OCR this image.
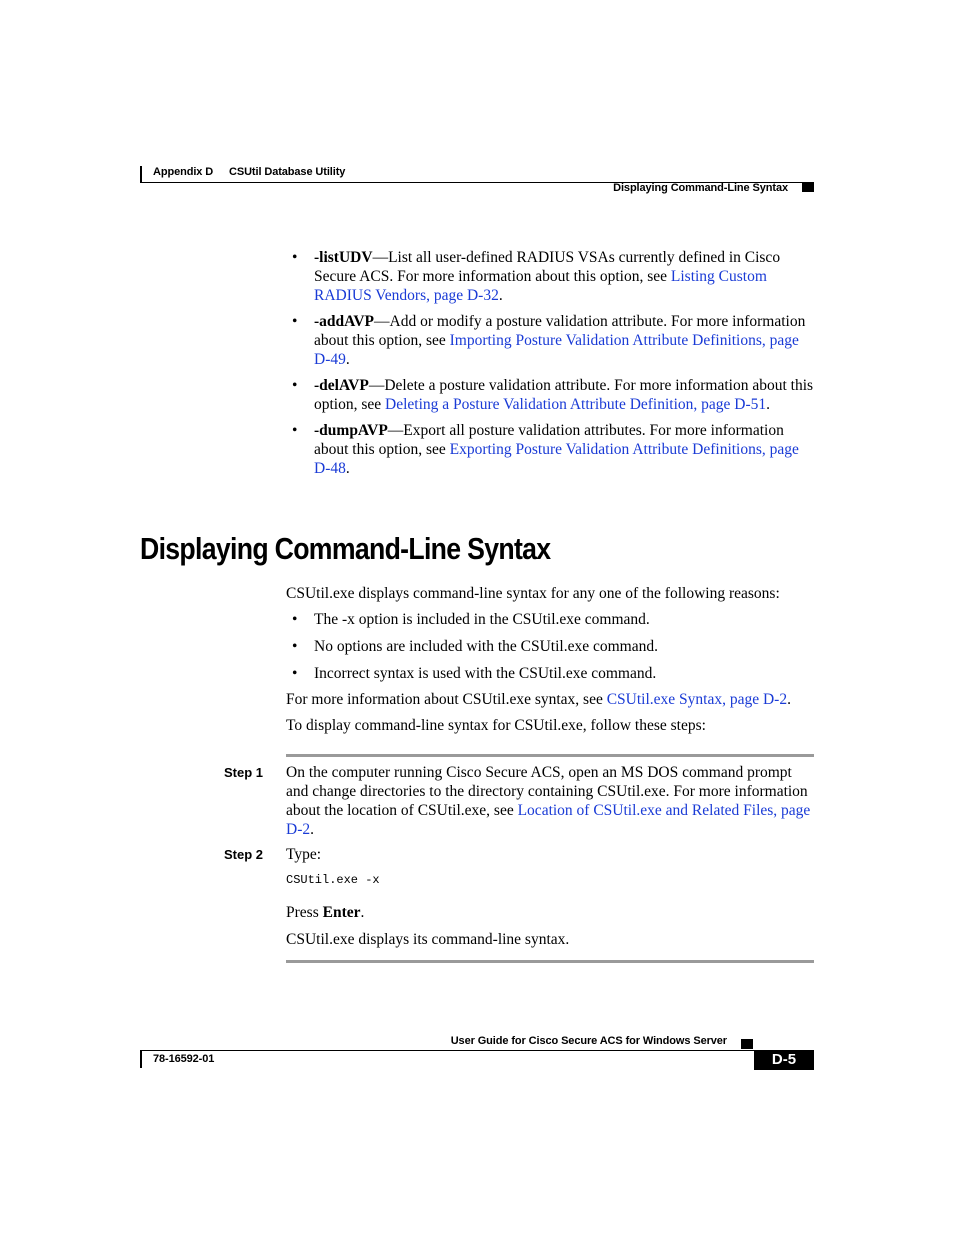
Appendix D CSUtil Database Utility
Displaying Command-Line Syntax
• -listUDV—List all user-defined RADIUS VSAs currently defined in Cisco Secure ACS. For more information about this option, see Listing Custom RADIUS Vendors, page D-32.
• -addAVP—Add or modify a posture validation attribute. For more information about this option, see Importing Posture Validation Attribute Definitions, page D-49.
• -delAVP—Delete a posture validation attribute. For more information about this option, see Deleting a Posture Validation Attribute Definition, page D-51.
• -dumpAVP—Export all posture validation attributes. For more information about this option, see Exporting Posture Validation Attribute Definitions, page D-48.
Displaying Command-Line Syntax
CSUtil.exe displays command-line syntax for any one of the following reasons:
• The -x option is included in the CSUtil.exe command.
• No options are included with the CSUtil.exe command.
• Incorrect syntax is used with the CSUtil.exe command.
For more information about CSUtil.exe syntax, see CSUtil.exe Syntax, page D-2.
To display command-line syntax for CSUtil.exe, follow these steps:
Step 1 On the computer running Cisco Secure ACS, open an MS DOS command prompt and change directories to the directory containing CSUtil.exe. For more information about the location of CSUtil.exe, see Location of CSUtil.exe and Related Files, page D-2.
Step 2 Type:
CSUtil.exe -x
Press Enter.
CSUtil.exe displays its command-line syntax.
User Guide for Cisco Secure ACS for Windows Server
78-16592-01	D-5
